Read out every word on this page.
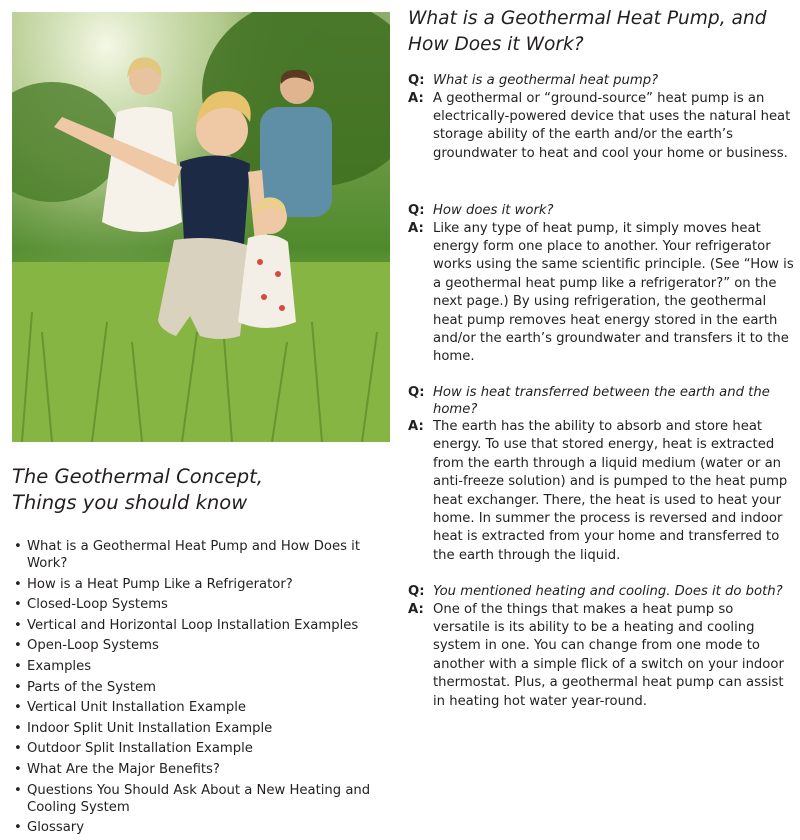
The Geothermal Concept,
Things you should know
• What is a Geothermal Heat Pump and How Does it Work?
• How is a Heat Pump Like a Refrigerator?
• Closed-Loop Systems
• Vertical and Horizontal Loop Installation Examples
• Open-Loop Systems
• Examples
• Parts of the System
• Vertical Unit Installation Example
• Indoor Split Unit Installation Example
• Outdoor Split Installation Example
• What Are the Major Benefits?
• Questions You Should Ask About a New Heating and Cooling System
• Glossary
What is a Geothermal Heat Pump, and
How Does it Work?
Q: What is a geothermal heat pump?
A: A geothermal or “ground-source” heat pump is an electrically-powered device that uses the natural heat storage ability of the earth and/or the earth’s groundwater to heat and cool your home or business.
Q: How does it work?
A: Like any type of heat pump, it simply moves heat energy form one place to another. Your refrigerator works using the same scientific principle. (See “How is a geothermal heat pump like a refrigerator?” on the next page.) By using refrigeration, the geothermal heat pump removes heat energy stored in the earth and/or the earth’s groundwater and transfers it to the home.
Q: How is heat transferred between the earth and the home?
A: The earth has the ability to absorb and store heat energy. To use that stored energy, heat is extracted from the earth through a liquid medium (water or an anti-freeze solution) and is pumped to the heat pump heat exchanger. There, the heat is used to heat your home. In summer the process is reversed and indoor heat is extracted from your home and transferred to the earth through the liquid.
Q: You mentioned heating and cooling. Does it do both?
A: One of the things that makes a heat pump so versatile is its ability to be a heating and cooling system in one. You can change from one mode to another with a simple flick of a switch on your indoor thermostat. Plus, a geothermal heat pump can assist in heating hot water year-round.
